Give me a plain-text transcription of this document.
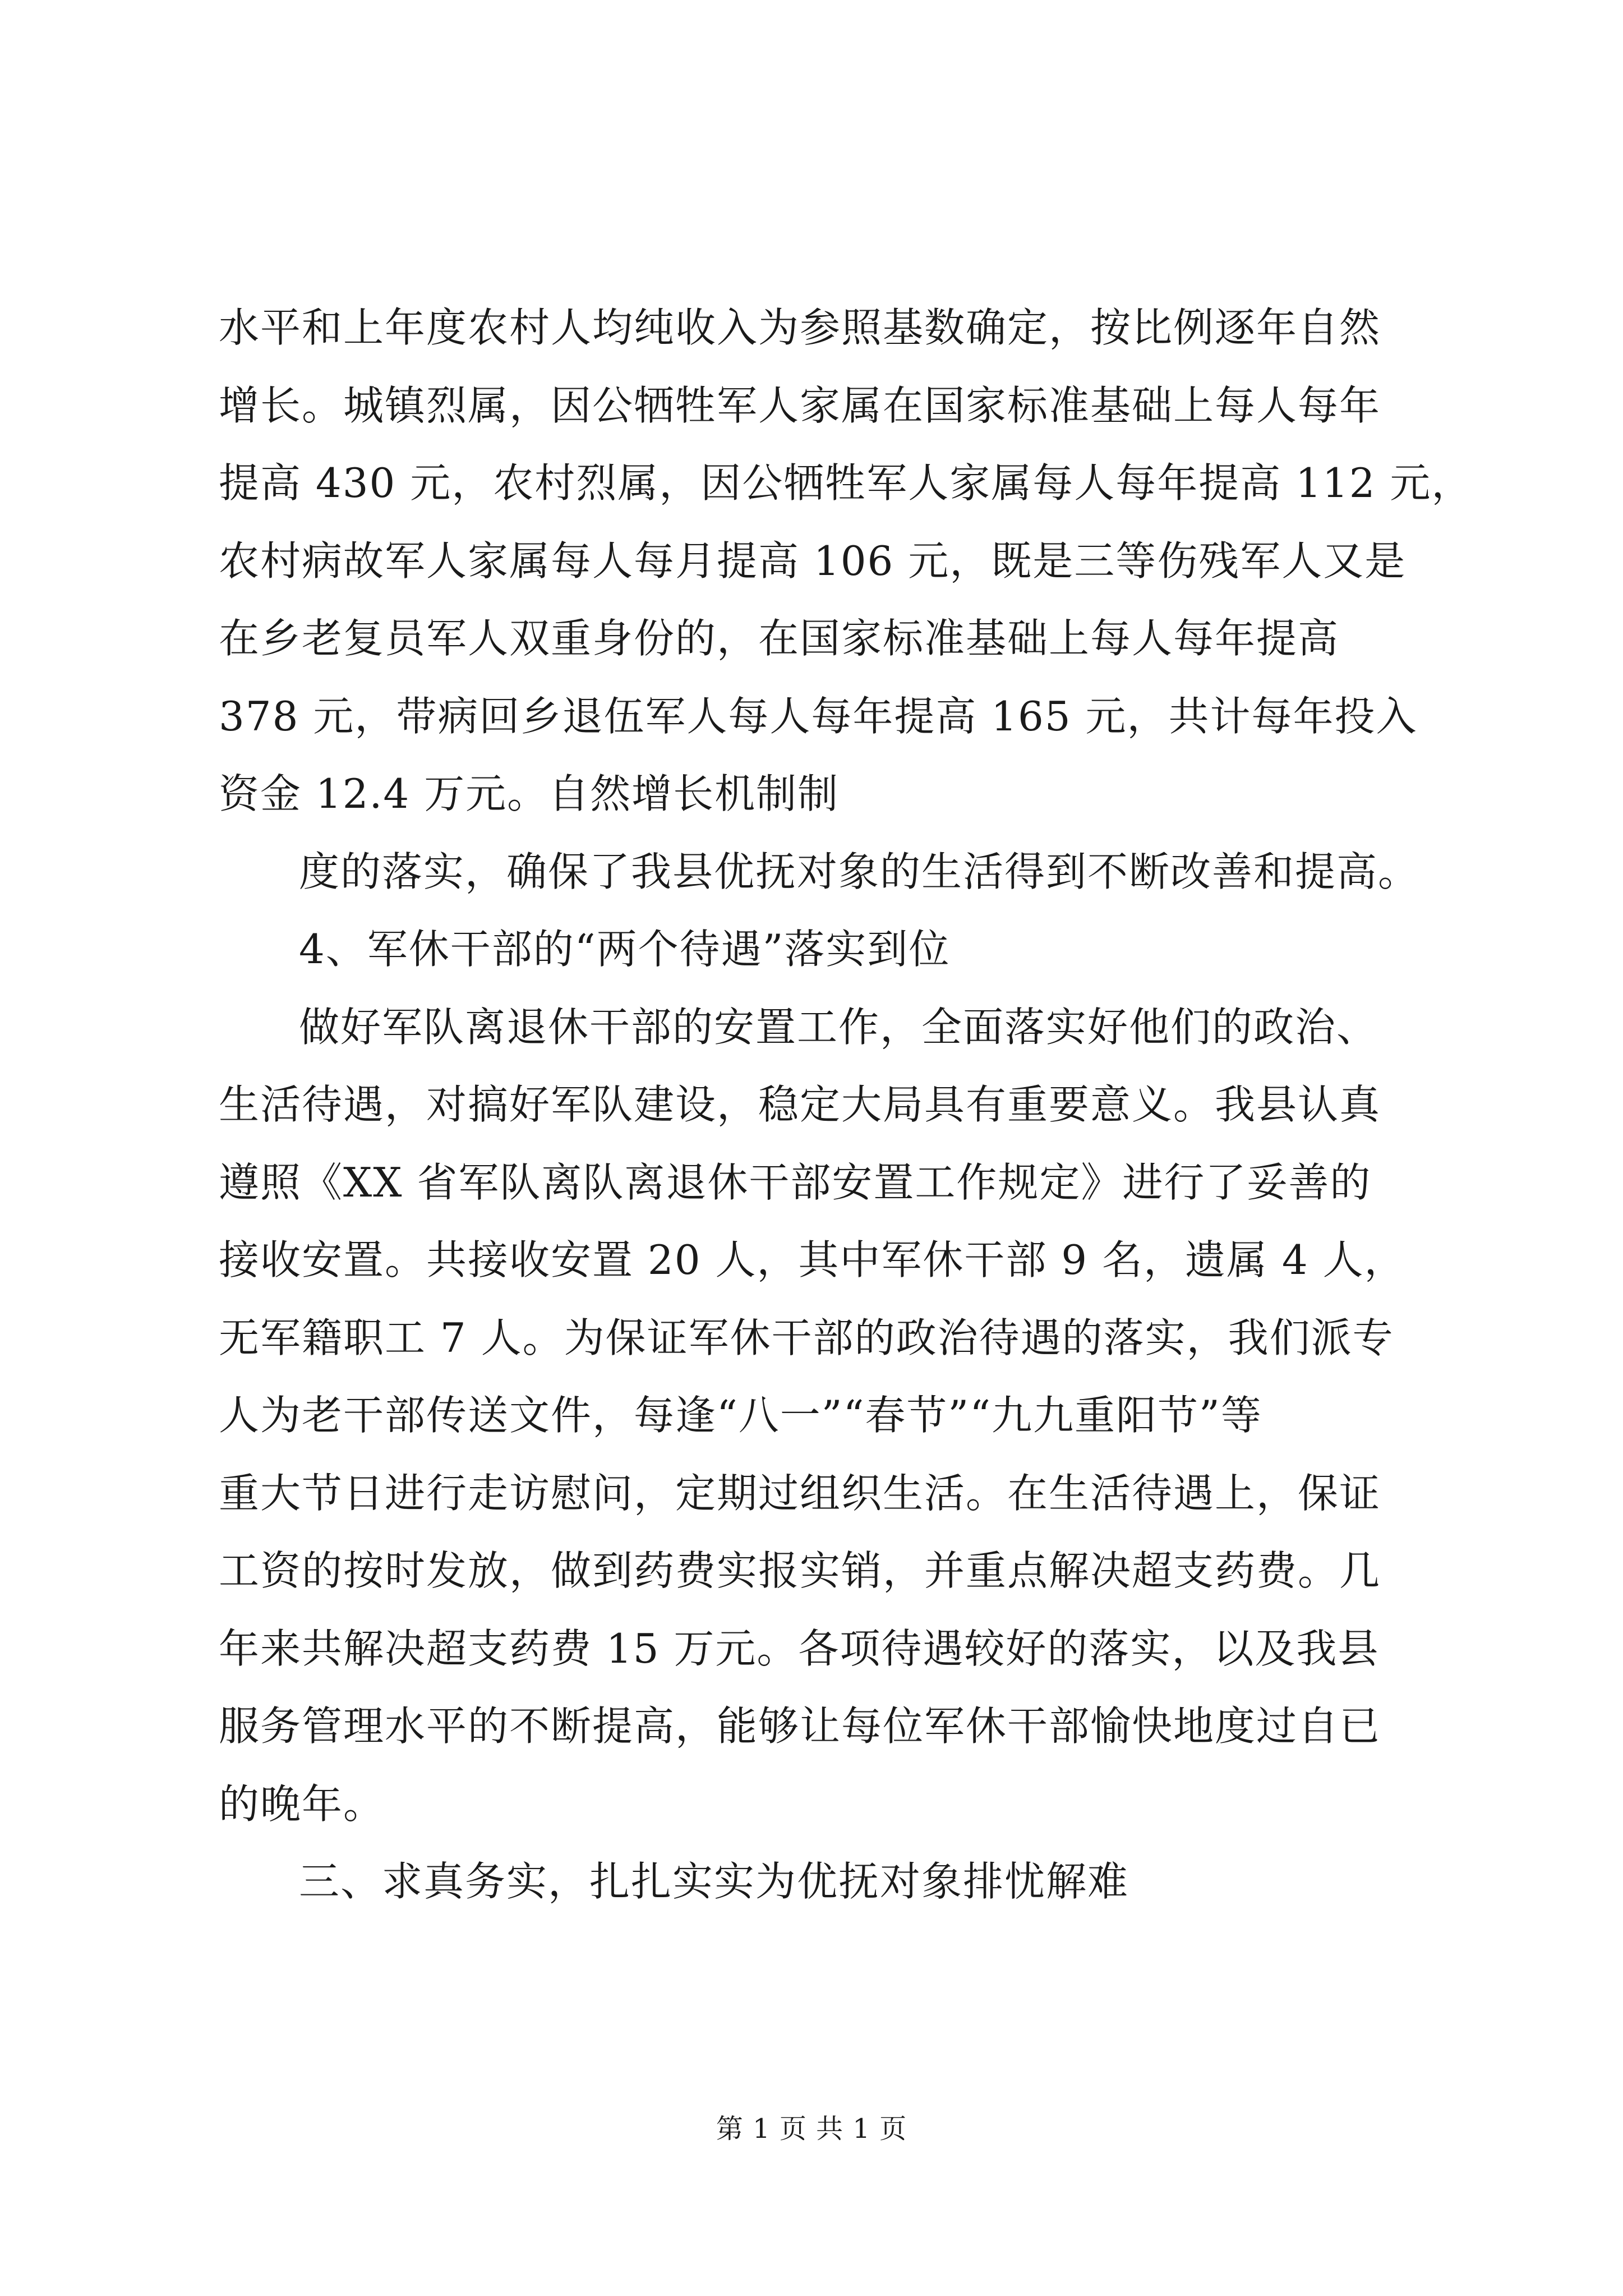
水平和上年度农村人均纯收入为参照基数确定，按比例逐年自然
增长。城镇烈属，因公牺牲军人家属在国家标准基础上每人每年
提高 430 元，农村烈属，因公牺牲军人家属每人每年提高 112 元，
农村病故军人家属每人每月提高 106 元，既是三等伤残军人又是
在乡老复员军人双重身份的，在国家标准基础上每人每年提高
378 元，带病回乡退伍军人每人每年提高 165 元，共计每年投入
资金 12.4 万元。自然增长机制制
度的落实，确保了我县优抚对象的生活得到不断改善和提高。
4、军休干部的“两个待遇”落实到位
做好军队离退休干部的安置工作，全面落实好他们的政治、
生活待遇，对搞好军队建设，稳定大局具有重要意义。我县认真
遵照《XX 省军队离队离退休干部安置工作规定》进行了妥善的
接收安置。共接收安置 20 人，其中军休干部 9 名，遗属 4 人，
无军籍职工 7 人。为保证军休干部的政治待遇的落实，我们派专
人为老干部传送文件，每逢“八一”“春节”“九九重阳节”等
重大节日进行走访慰问，定期过组织生活。在生活待遇上，保证
工资的按时发放，做到药费实报实销，并重点解决超支药费。几
年来共解决超支药费 15 万元。各项待遇较好的落实，以及我县
服务管理水平的不断提高，能够让每位军休干部愉快地度过自已
的晚年。
三、求真务实，扎扎实实为优抚对象排忧解难
第 1 页 共 1 页
